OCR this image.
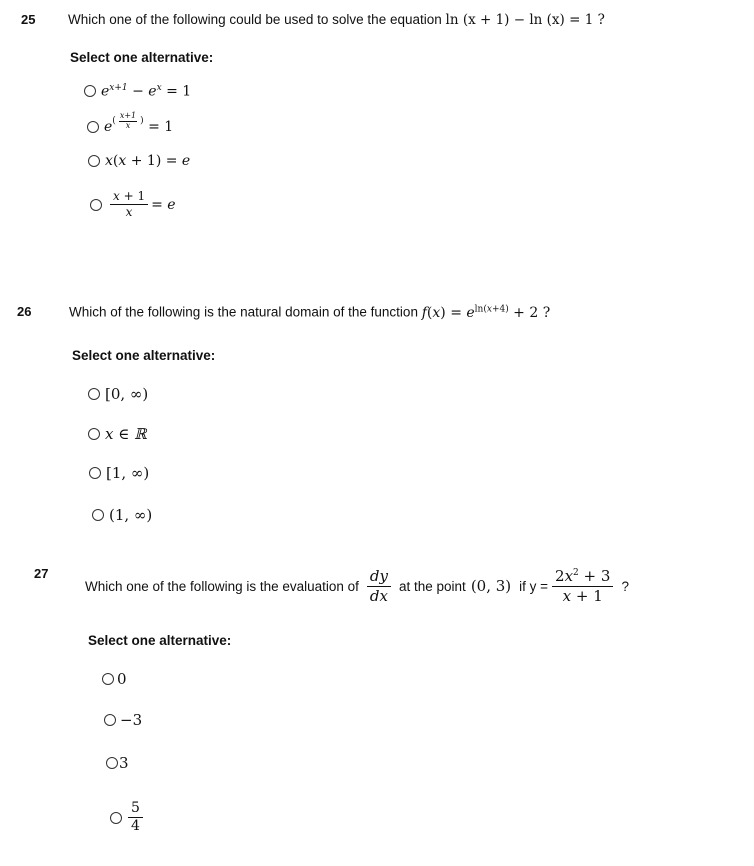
25 Which one of the following could be used to solve the equation ln (x + 1) − ln (x) = 1 ?
Select one alternative:
$e^{x+1} - e^x = 1$
$e^{( \frac{x+1}{x} )} = 1$
x(x + 1) = e
$\frac{x + 1}{x} = e$
26	Which of the following is the natural domain of the function $f(x) = e^{ln(x+4)} + 2$ ?
Select one alternative:
[0, ∞)
x ∈ ℝ
[1, ∞)
(1, ∞)
27
Which one of the following is the evaluation of $\frac{dy}{dx}$ at the point (0, 3) if $y = \frac{2x^2 + 3}{x + 1}$ ?
Select one alternative:
0
−3
3
$\frac{5}{4}$
